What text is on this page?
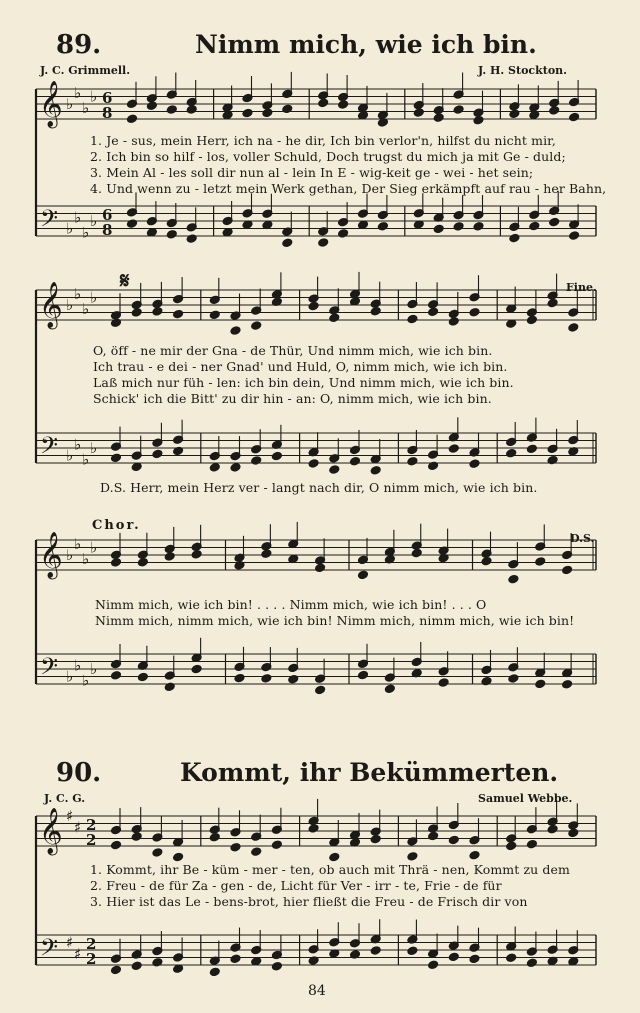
𝄞
𝄢
♭
♭
♭
♭
♭
♭
♭
♭
6
8
6
8
𝄞
𝄢
♭
♭
♭
♭
♭
♭
♭
♭
𝄞
𝄢
♭
♭
♭
♭
♭
♭
♭
♭
𝄞
𝄢
♯
♯
♯
♯
2
2
2
2
89.	Nimm mich, wie ich bin.
J. C. Grimmell.	J. H. Stockton.
1. Je - sus, mein Herr, ich na - he dir, Ich bin verlor'n, hilfst du nicht mir,
2. Ich bin so hilf - los, voller Schuld, Doch trugst du mich ja mit Ge - duld;
3. Mein Al - les soll dir nun al - lein In E - wig-keit ge - wei - het sein;
4. Und wenn zu - letzt mein Werk gethan, Der Sieg erkämpft auf rau - her Bahn,
𝄋	Fine.
O, öff - ne mir der Gna - de Thür, Und nimm mich, wie ich bin.
Ich trau - e dei - ner Gnad' und Huld, O, nimm mich, wie ich bin.
Laß mich nur füh - len: ich bin dein, Und nimm mich, wie ich bin.
Schick' ich die Bitt' zu dir hin - an: O, nimm mich, wie ich bin.
D.S. Herr, mein Herz ver - langt nach dir, O nimm mich, wie ich bin.
Chor.
D.S.
Nimm mich, wie ich bin! . . . . Nimm mich, wie ich bin! . . . O
Nimm mich, nimm mich, wie ich bin! Nimm mich, nimm mich, wie ich bin!
90.	Kommt, ihr Bekümmerten.
J. C. G.	Samuel Webbe.
1. Kommt, ihr Be - küm - mer - ten, ob auch mit Thrä - nen, Kommt zu dem
2. Freu - de für Za - gen - de, Licht für Ver - irr - te, Frie - de für
3. Hier ist das Le - bens-brot, hier fließt die Freu - de Frisch dir von
84
